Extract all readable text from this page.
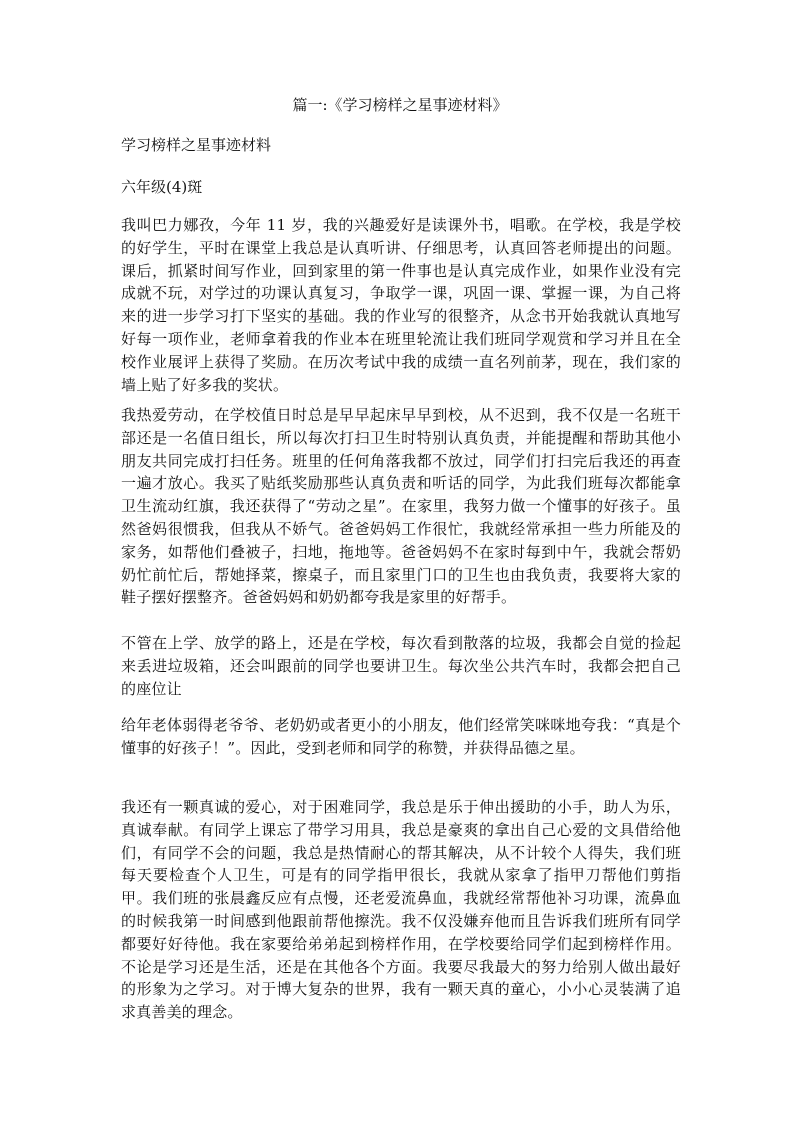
篇一:《学习榜样之星事迹材料》

学习榜样之星事迹材料

六年级(4)斑

我叫巴力娜孜，今年 11 岁，我的兴趣爱好是读课外书，唱歌。在学校，我是学校的好学生，平时在课堂上我总是认真听讲、仔细思考，认真回答老师提出的问题。课后，抓紧时间写作业，回到家里的第一件事也是认真完成作业，如果作业没有完成就不玩，对学过的功课认真复习，争取学一课，巩固一课、掌握一课，为自己将来的进一步学习打下坚实的基础。我的作业写的很整齐，从念书开始我就认真地写好每一项作业，老师拿着我的作业本在班里轮流让我们班同学观赏和学习并且在全校作业展评上获得了奖励。在历次考试中我的成绩一直名列前茅，现在，我们家的墙上贴了好多我的奖状。

我热爱劳动，在学校值日时总是早早起床早早到校，从不迟到，我不仅是一名班干部还是一名值日组长，所以每次打扫卫生时特别认真负责，并能提醒和帮助其他小朋友共同完成打扫任务。班里的任何角落我都不放过，同学们打扫完后我还的再查一遍才放心。我买了贴纸奖励那些认真负责和听话的同学，为此我们班每次都能拿卫生流动红旗，我还获得了“劳动之星”。在家里，我努力做一个懂事的好孩子。虽然爸妈很惯我，但我从不娇气。爸爸妈妈工作很忙，我就经常承担一些力所能及的家务，如帮他们叠被子，扫地，拖地等。爸爸妈妈不在家时每到中午，我就会帮奶奶忙前忙后，帮她择菜，擦桌子，而且家里门口的卫生也由我负责，我要将大家的鞋子摆好摆整齐。爸爸妈妈和奶奶都夸我是家里的好帮手。

不管在上学、放学的路上，还是在学校，每次看到散落的垃圾，我都会自觉的捡起来丢进垃圾箱，还会叫跟前的同学也要讲卫生。每次坐公共汽车时，我都会把自己的座位让

给年老体弱得老爷爷、老奶奶或者更小的小朋友，他们经常笑咪咪地夸我：“真是个懂事的好孩子！”。因此，受到老师和同学的称赞，并获得品德之星。

我还有一颗真诚的爱心，对于困难同学，我总是乐于伸出援助的小手，助人为乐，真诚奉献。有同学上课忘了带学习用具，我总是豪爽的拿出自己心爱的文具借给他们，有同学不会的问题，我总是热情耐心的帮其解决，从不计较个人得失，我们班每天要检查个人卫生，可是有的同学指甲很长，我就从家拿了指甲刀帮他们剪指甲。我们班的张晨鑫反应有点慢，还老爱流鼻血，我就经常帮他补习功课，流鼻血的时候我第一时间感到他跟前帮他擦洗。我不仅没嫌弃他而且告诉我们班所有同学都要好好待他。我在家要给弟弟起到榜样作用，在学校要给同学们起到榜样作用。不论是学习还是生活，还是在其他各个方面。我要尽我最大的努力给别人做出最好的形象为之学习。对于博大复杂的世界，我有一颗天真的童心，小小心灵装满了追求真善美的理念。
